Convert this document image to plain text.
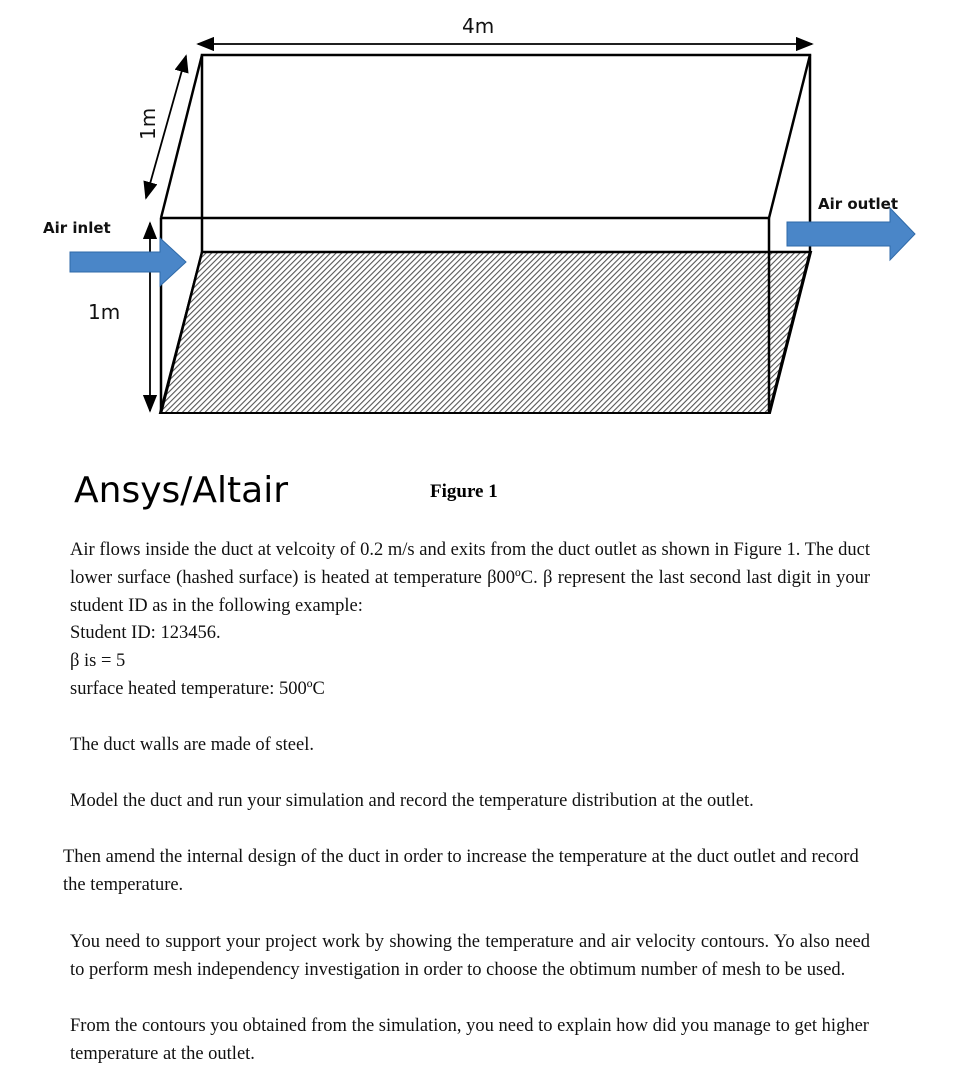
4m
1m
1m
Air inlet
Air outlet
Ansys/Altair	Figure 1

Air flows inside the duct at velcoity of 0.2 m/s and exits from the duct outlet as shown in Figure 1. The duct lower surface (hashed surface) is heated at temperature β00ºC. β represent the last second last digit in your student ID as in the following example:

Student ID: 123456.

β is = 5

surface heated temperature: 500ºC

The duct walls are made of steel.

Model the duct and run your simulation and record the temperature distribution at the outlet.

Then amend the internal design of the duct in order to increase the temperature at the duct outlet and record the temperature.

You need to support your project work by showing the temperature and air velocity contours. Yo also need to perform mesh independency investigation in order to choose the obtimum number of mesh to be used.

From the contours you obtained from the simulation, you need to explain how did you manage to get higher temperature at the outlet.
